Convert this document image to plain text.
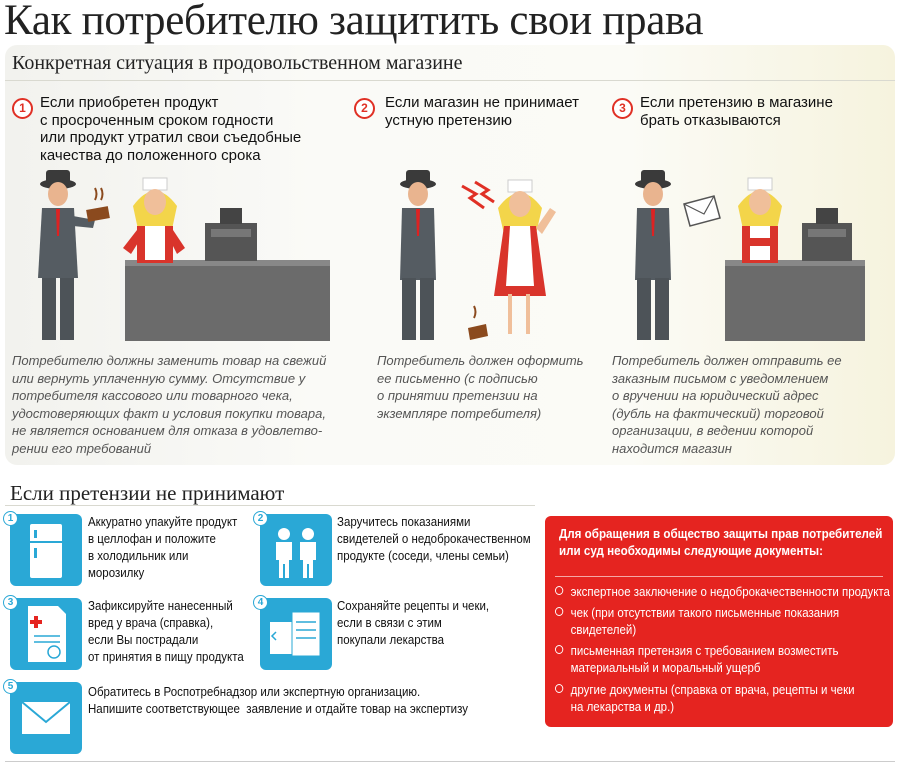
Как потребителю защитить свои права
Конкретная ситуация в продовольственном магазине
1 Если приобретен продукт
с просроченным сроком годности
или продукт утратил свои съедобные
качества до положенного срока
Потребителю должны заменить товар на свежий
или вернуть уплаченную сумму. Отсутствие у
потребителя кассового или товарного чека,
удостоверяющих факт и условия покупки товара,
не является основанием для отказа в удовлетво-
рении его требований
2	Если магазин не принимает
устную претензию
Потребитель должен оформить
ее письменно (с подписью
о принятии претензии на
экземпляре потребителя)
3 Если претензию в магазине
брать отказываются
Потребитель должен отправить ее
заказным письмом с уведомлением
о вручении на юридический адрес
(дубль на фактический) торговой
организации, в ведении которой
находится магазин
Если претензии не принимают
1	Аккуратно упакуйте продукт
в целлофан и положите
в холодильник или
морозилку
2	Заручитесь показаниями
свидетелей о недоброкачественном
продукте (соседи, члены семьи)
3	Зафиксируйте нанесенный
вред у врача (справка),
если Вы пострадали
от принятия в пищу продукта
4	Сохраняйте рецепты и чеки,
если в связи с этим
покупали лекарства
5	Обратитесь в Роспотребнадзор или экспертную организацию.
Напишите соответствующее  заявление и отдайте товар на экспертизу
Для обращения в общество защиты прав потребителей
или суд необходимы следующие документы:
экспертное заключение о недоброкачественности продукта
чек (при отсутствии такого письменные показания
свидетелей)
письменная претензия с требованием возместить
материальный и моральный ущерб
другие документы (справка от врача, рецепты и чеки
на лекарства и др.)
